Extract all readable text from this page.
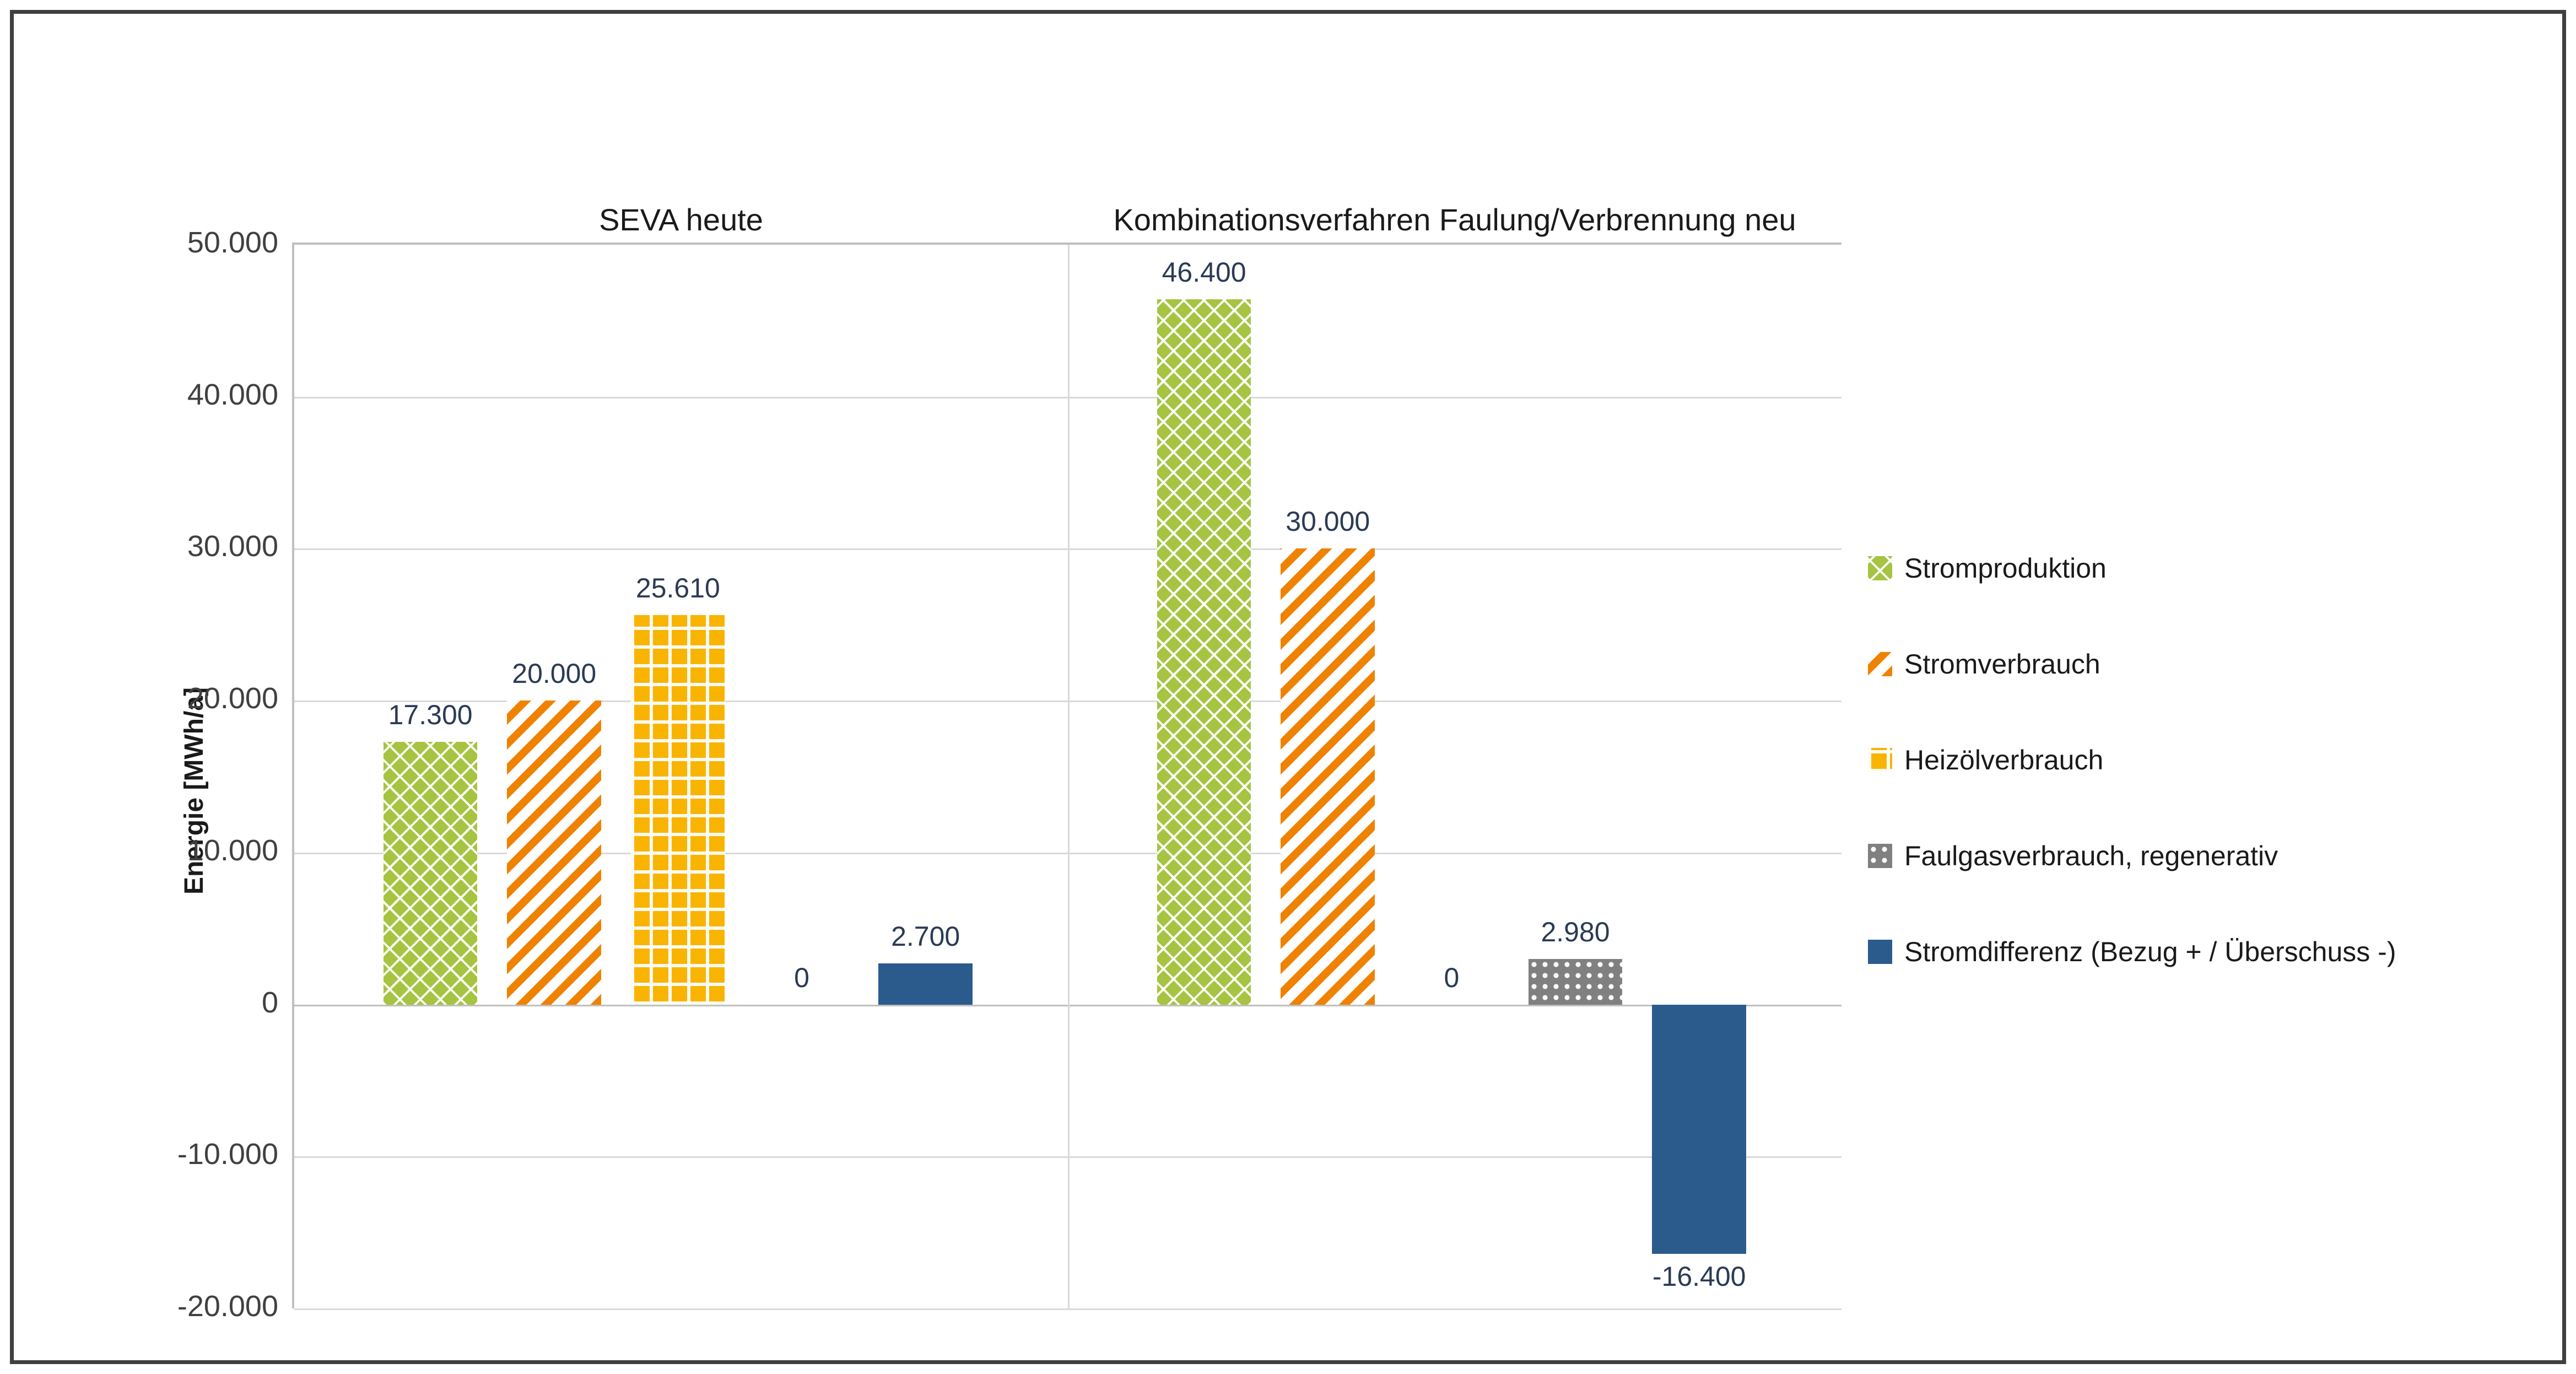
Energie [MWh/a]
50.000
40.000
30.000
20.000
10.000
0
-10.000
-20.000
SEVA heute
17.300
20.000
25.610
0
2.700
Kombinationsverfahren Faulung/Verbrennung neu
46.400
30.000
0
2.980
-16.400
Stromproduktion
Stromverbrauch
Heizölverbrauch
Faulgasverbrauch, regenerativ
Stromdifferenz (Bezug + / Überschuss -)
